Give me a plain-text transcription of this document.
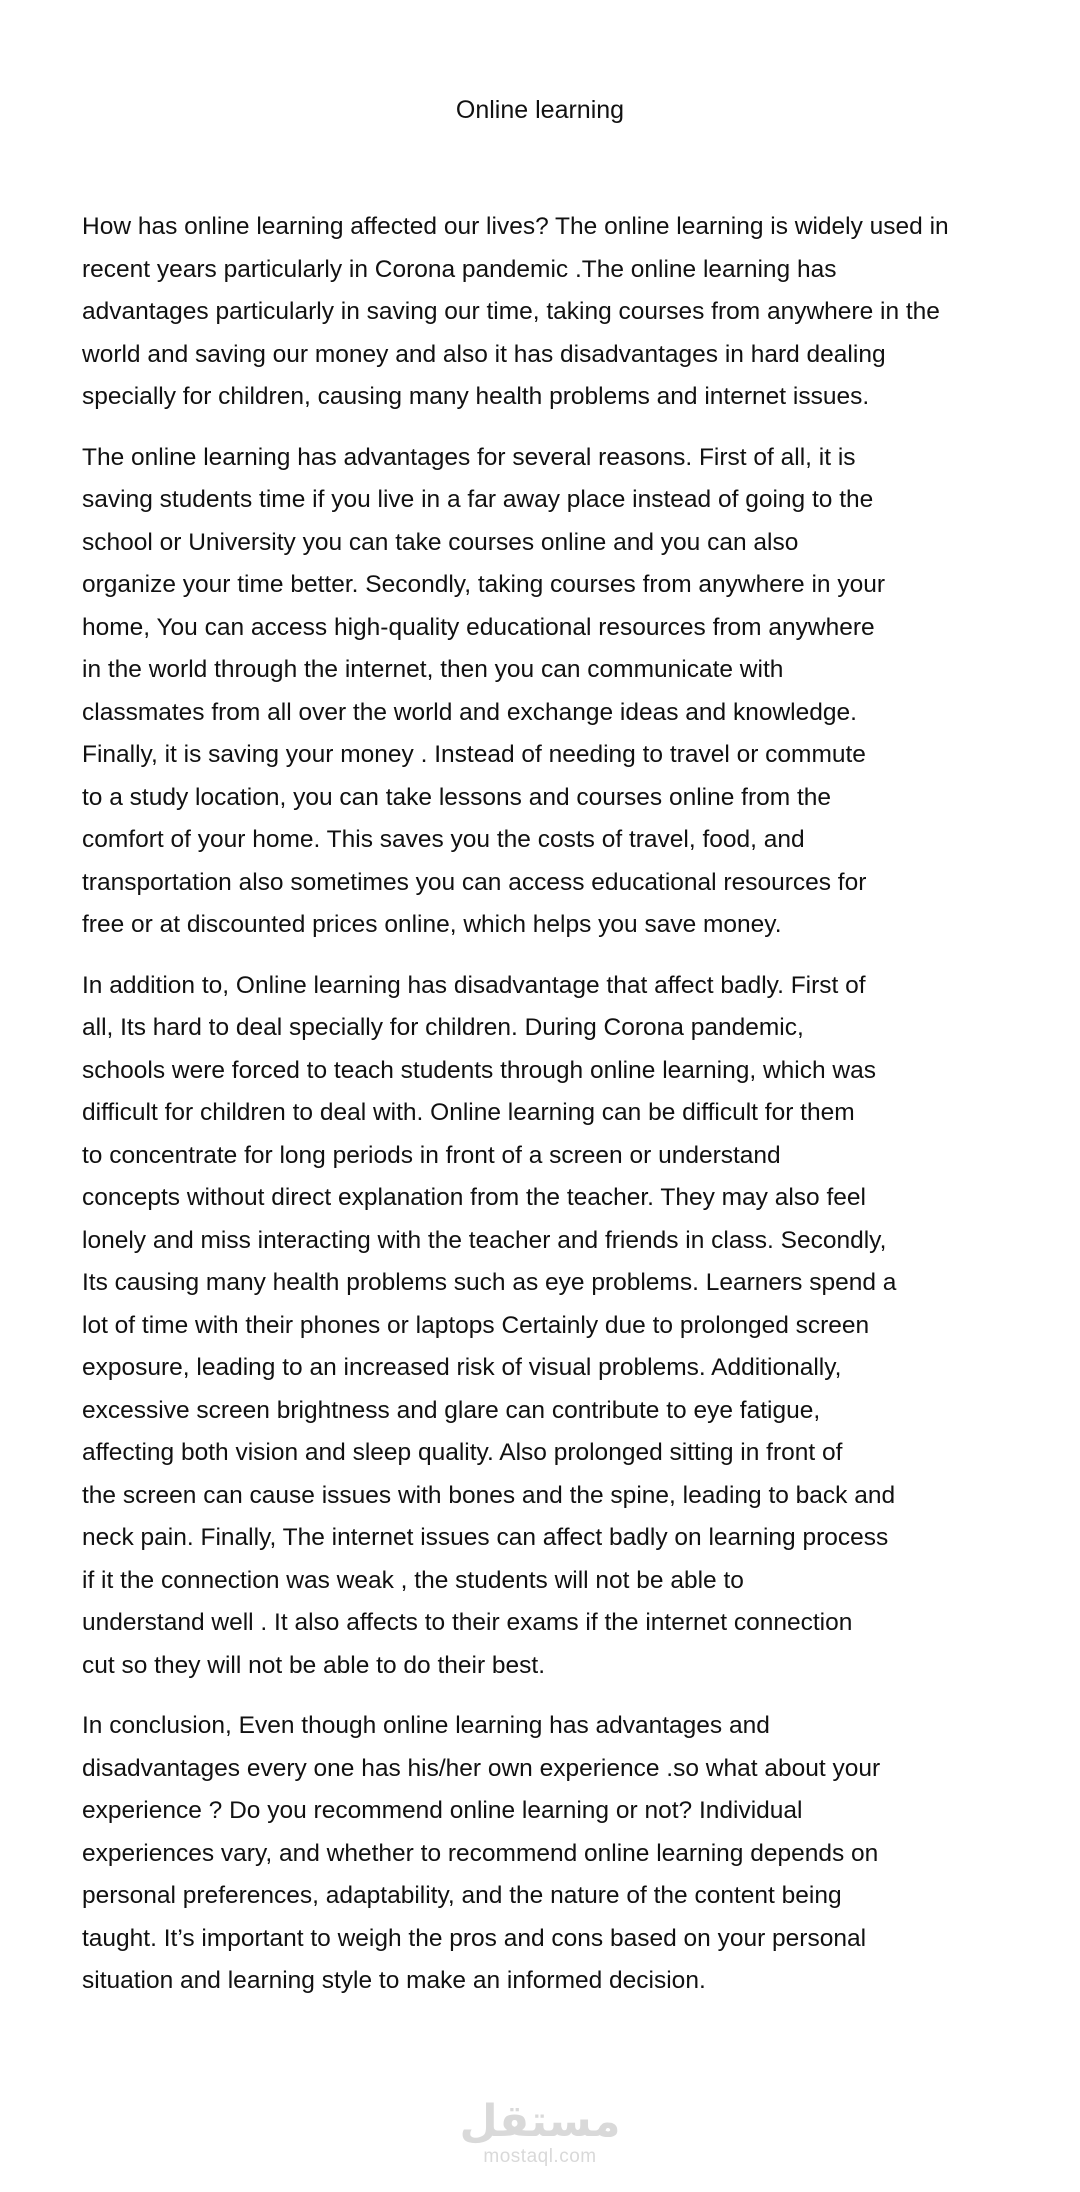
Online learning

How has online learning affected our lives? The online learning is widely used in
recent years particularly in Corona pandemic .The online learning has
advantages particularly in saving our time, taking courses from anywhere in the
world and saving our money and also it has disadvantages in hard dealing
specially for children, causing many health problems and internet issues.

The online learning has advantages for several reasons. First of all, it is
saving students time if you live in a far away place instead of going to the
school or University you can take courses online and you can also
organize your time better. Secondly, taking courses from anywhere in your
home, You can access high-quality educational resources from anywhere
in the world through the internet, then you can communicate with
classmates from all over the world and exchange ideas and knowledge.
Finally, it is saving your money . Instead of needing to travel or commute
to a study location, you can take lessons and courses online from the
comfort of your home. This saves you the costs of travel, food, and
transportation also sometimes you can access educational resources for
free or at discounted prices online, which helps you save money.

In addition to, Online learning has disadvantage that affect badly. First of
all, Its hard to deal specially for children. During Corona pandemic,
schools were forced to teach students through online learning, which was
difficult for children to deal with. Online learning can be difficult for them
to concentrate for long periods in front of a screen or understand
concepts without direct explanation from the teacher. They may also feel
lonely and miss interacting with the teacher and friends in class. Secondly,
Its causing many health problems such as eye problems. Learners spend a
lot of time with their phones or laptops Certainly due to prolonged screen
exposure, leading to an increased risk of visual problems. Additionally,
excessive screen brightness and glare can contribute to eye fatigue,
affecting both vision and sleep quality. Also prolonged sitting in front of
the screen can cause issues with bones and the spine, leading to back and
neck pain. Finally, The internet issues can affect badly on learning process
if it the connection was weak , the students will not be able to
understand well . It also affects to their exams if the internet connection
cut so they will not be able to do their best.

In conclusion, Even though online learning has advantages and
disadvantages every one has his/her own experience .so what about your
experience ? Do you recommend online learning or not? Individual
experiences vary, and whether to recommend online learning depends on
personal preferences, adaptability, and the nature of the content being
taught. It’s important to weigh the pros and cons based on your personal
situation and learning style to make an informed decision.

مستقل
mostaql.com
